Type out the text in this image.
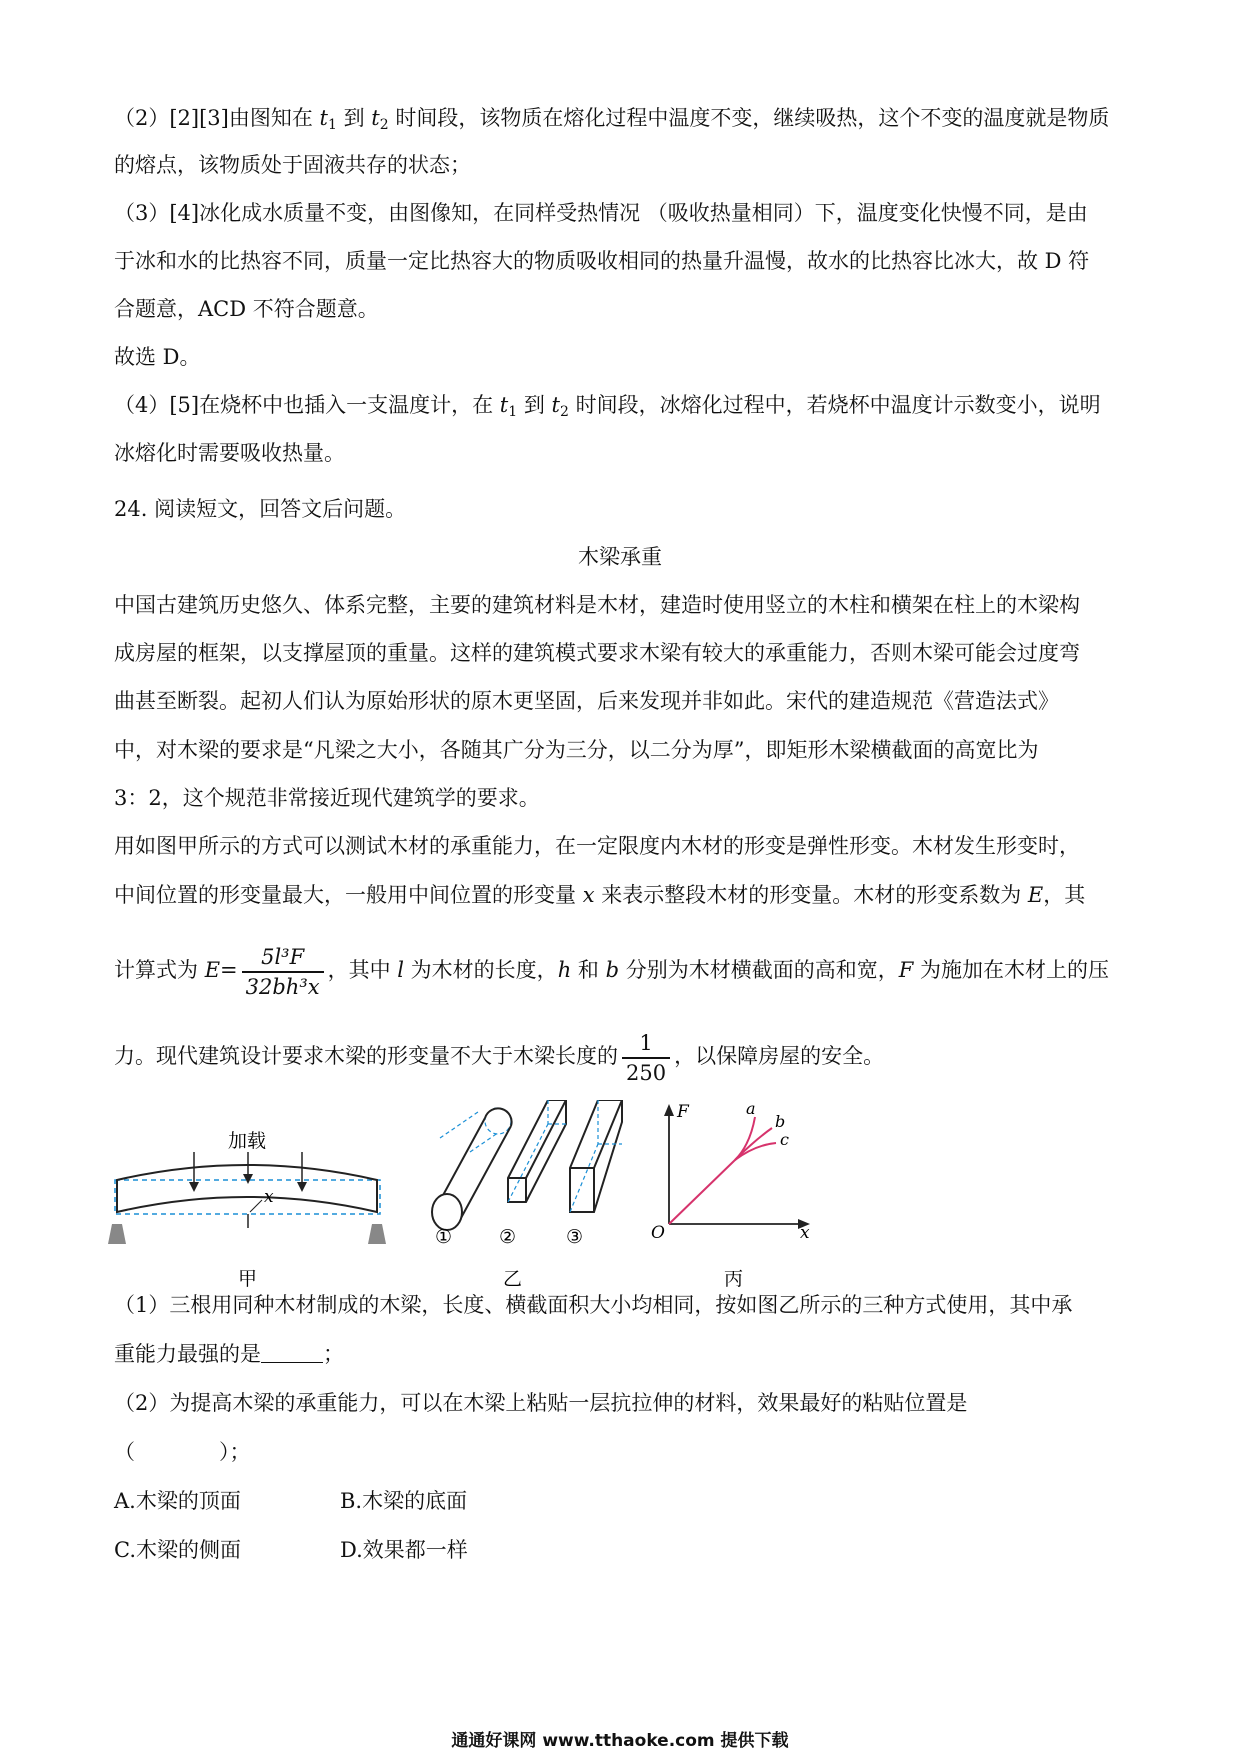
（2）[2][3]由图知在 $t_1$ 到 $t_2$ 时间段，该物质在熔化过程中温度不变，继续吸热，这个不变的温度就是物质
的熔点，该物质处于固液共存的状态；
（3）[4]冰化成水质量不变，由图像知，在同样受热情况 （吸收热量相同）下，温度变化快慢不同，是由
于冰和水的比热容不同，质量一定比热容大的物质吸收相同的热量升温慢，故水的比热容比冰大，故 D 符
合题意，ACD 不符合题意。
故选 D。
（4）[5]在烧杯中也插入一支温度计，在 $t_1$ 到 $t_2$ 时间段，冰熔化过程中，若烧杯中温度计示数变小，说明
冰熔化时需要吸收热量。
24. 阅读短文，回答文后问题。
木梁承重
中国古建筑历史悠久、体系完整，主要的建筑材料是木材，建造时使用竖立的木柱和横架在柱上的木梁构
成房屋的框架，以支撑屋顶的重量。这样的建筑模式要求木梁有较大的承重能力，否则木梁可能会过度弯
曲甚至断裂。起初人们认为原始形状的原木更坚固，后来发现并非如此。宋代的建造规范《营造法式》
中，对木梁的要求是“凡梁之大小，各随其广分为三分，以二分为厚”，即矩形木梁横截面的高宽比为
3：2，这个规范非常接近现代建筑学的要求。
用如图甲所示的方式可以测试木材的承重能力，在一定限度内木材的形变是弹性形变。木材发生形变时，
中间位置的形变量最大，一般用中间位置的形变量 x 来表示整段木材的形变量。木材的形变系数为 E，其
计算式为 $E= \frac{\text{5l³F}}{\text{32bh³x}}$ ，其中 l 为木材的长度，h 和 b 分别为木材横截面的高和宽，F 为施加在木材上的压
力。现代建筑设计要求木梁的形变量不大于木梁长度的 $\frac{1}{250}$ ，以保障房屋的安全。
加载
x
甲
① ②	③
乙
F
x
O
a
b
c
丙
（1）三根用同种木材制成的木梁，长度、横截面积大小均相同，按如图乙所示的三种方式使用，其中承
重能力最强的是	；
（2）为提高木梁的承重能力，可以在木梁上粘贴一层抗拉伸的材料，效果最好的粘贴位置是
（　　　　）；
A.木梁的顶面	B.木梁的底面
C.木梁的侧面	D.效果都一样
通通好课网 www.tthaoke.com 提供下载
